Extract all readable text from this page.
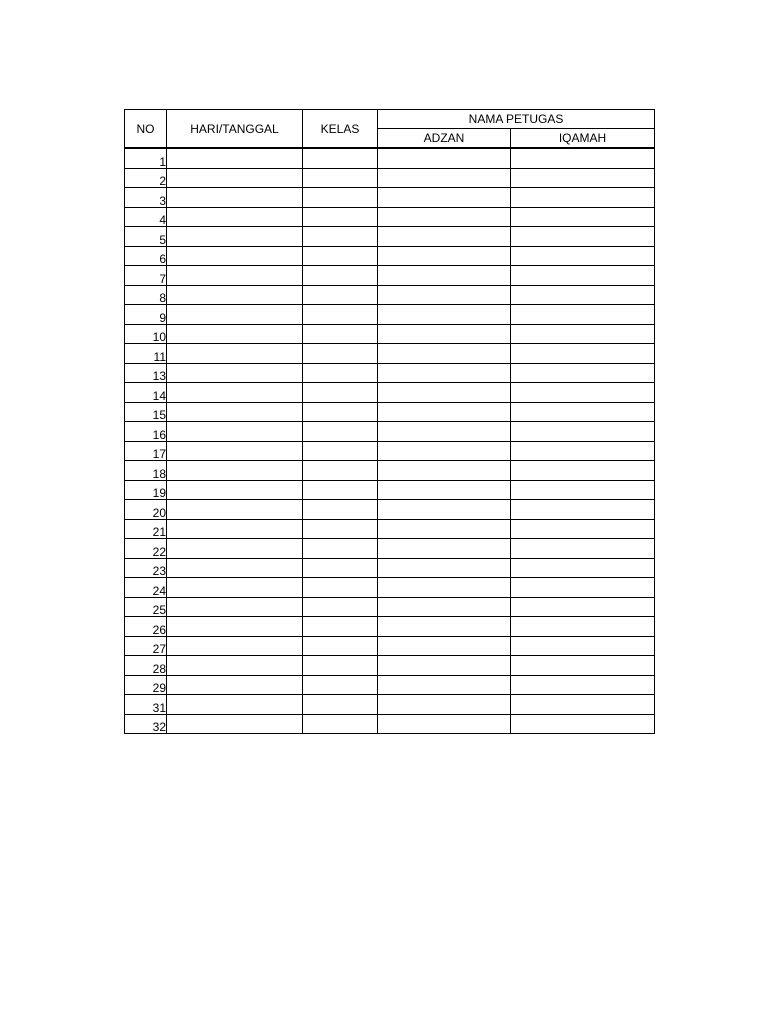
NO	HARI/TANGGAL	KELAS	NAMA PETUGAS	
			ADZAN	IQAMAH
1				
2				
3				
4				
5				
6				
7				
8				
9				
10				
11				
13				
14				
15				
16				
17				
18				
19				
20				
21				
22				
23				
24				
25				
26				
27				
28				
29				
31				
32				
